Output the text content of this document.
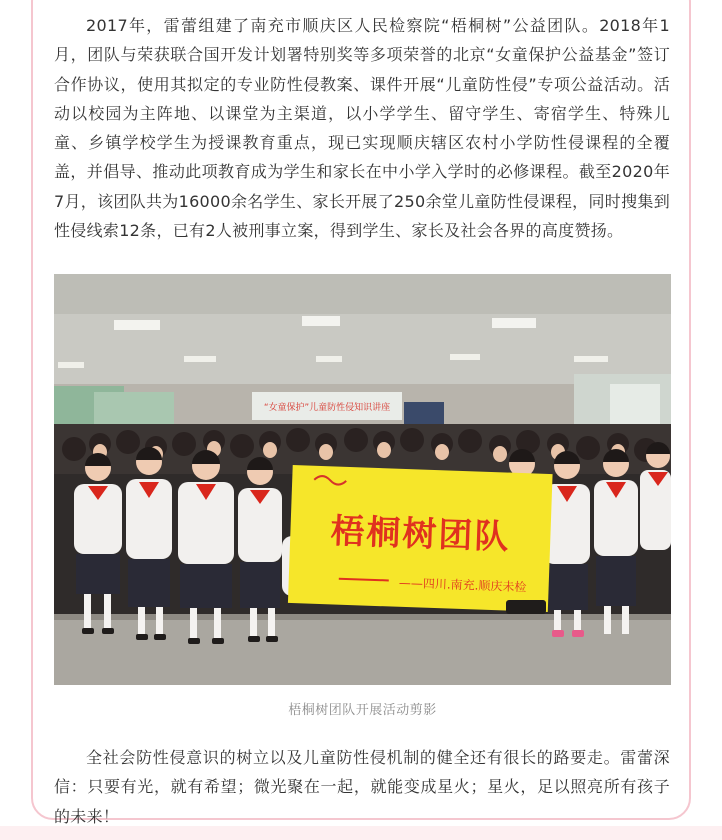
2017年，雷蕾组建了南充市顺庆区人民检察院“梧桐树”公益团队。2018年1月，团队与荣获联合国开发计划署特别奖等多项荣誉的北京“女童保护公益基金”签订合作协议，使用其拟定的专业防性侵教案、课件开展“儿童防性侵”专项公益活动。活动以校园为主阵地、以课堂为主渠道，以小学学生、留守学生、寄宿学生、特殊儿童、乡镇学校学生为授课教育重点，现已实现顺庆辖区农村小学防性侵课程的全覆盖，并倡导、推动此项教育成为学生和家长在中小学入学时的必修课程。截至2020年7月，该团队共为16000余名学生、家长开展了250余堂儿童防性侵课程，同时搜集到性侵线索12条，已有2人被刑事立案，得到学生、家长及社会各界的高度赞扬。

“女童保护”儿童防性侵知识讲座
梧桐树团队
——四川.南充.顺庆未检
梧桐树团队开展活动剪影

全社会防性侵意识的树立以及儿童防性侵机制的健全还有很长的路要走。雷蕾深信：只要有光，就有希望；微光聚在一起，就能变成星火；星火，足以照亮所有孩子的未来！
